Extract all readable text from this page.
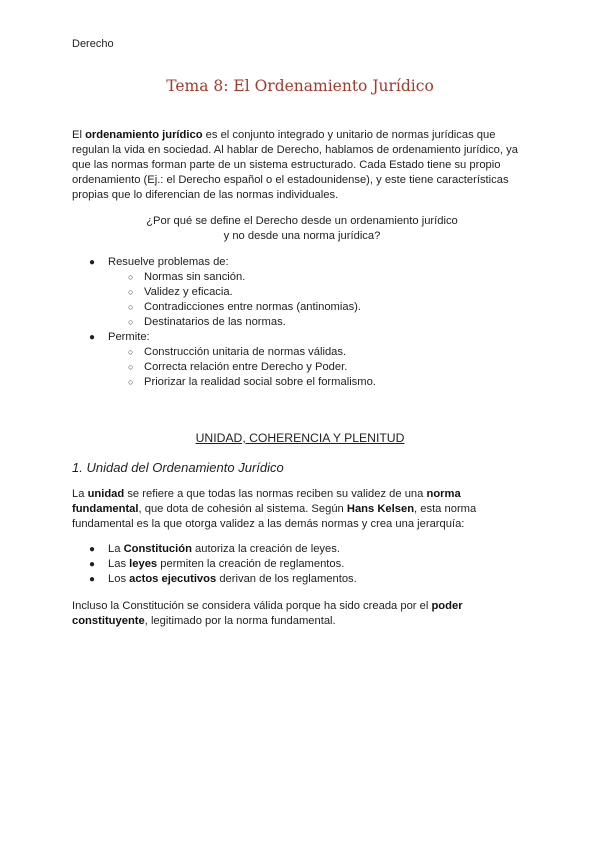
Derecho
Tema 8: El Ordenamiento Jurídico

El ordenamiento jurídico es el conjunto integrado y unitario de normas jurídicas que regulan la vida en sociedad. Al hablar de Derecho, hablamos de ordenamiento jurídico, ya que las normas forman parte de un sistema estructurado. Cada Estado tiene su propio ordenamiento (Ej.: el Derecho español o el estadounidense), y este tiene características propias que lo diferencian de las normas individuales.

¿Por qué se define el Derecho desde un ordenamiento jurídico
y no desde una norma jurídica?
● Resuelve problemas de:
○ Normas sin sanción.
○ Validez y eficacia.
○ Contradicciones entre normas (antinomias).
○ Destinatarios de las normas.
● Permite:
○ Construcción unitaria de normas válidas.
○ Correcta relación entre Derecho y Poder.
○ Priorizar la realidad social sobre el formalismo.
UNIDAD, COHERENCIA Y PLENITUD
1. Unidad del Ordenamiento Jurídico

La unidad se refiere a que todas las normas reciben su validez de una norma fundamental, que dota de cohesión al sistema. Según Hans Kelsen, esta norma fundamental es la que otorga validez a las demás normas y crea una jerarquía:

● La Constitución autoriza la creación de leyes.
● Las leyes permiten la creación de reglamentos.
● Los actos ejecutivos derivan de los reglamentos.

Incluso la Constitución se considera válida porque ha sido creada por el poder constituyente, legitimado por la norma fundamental.
